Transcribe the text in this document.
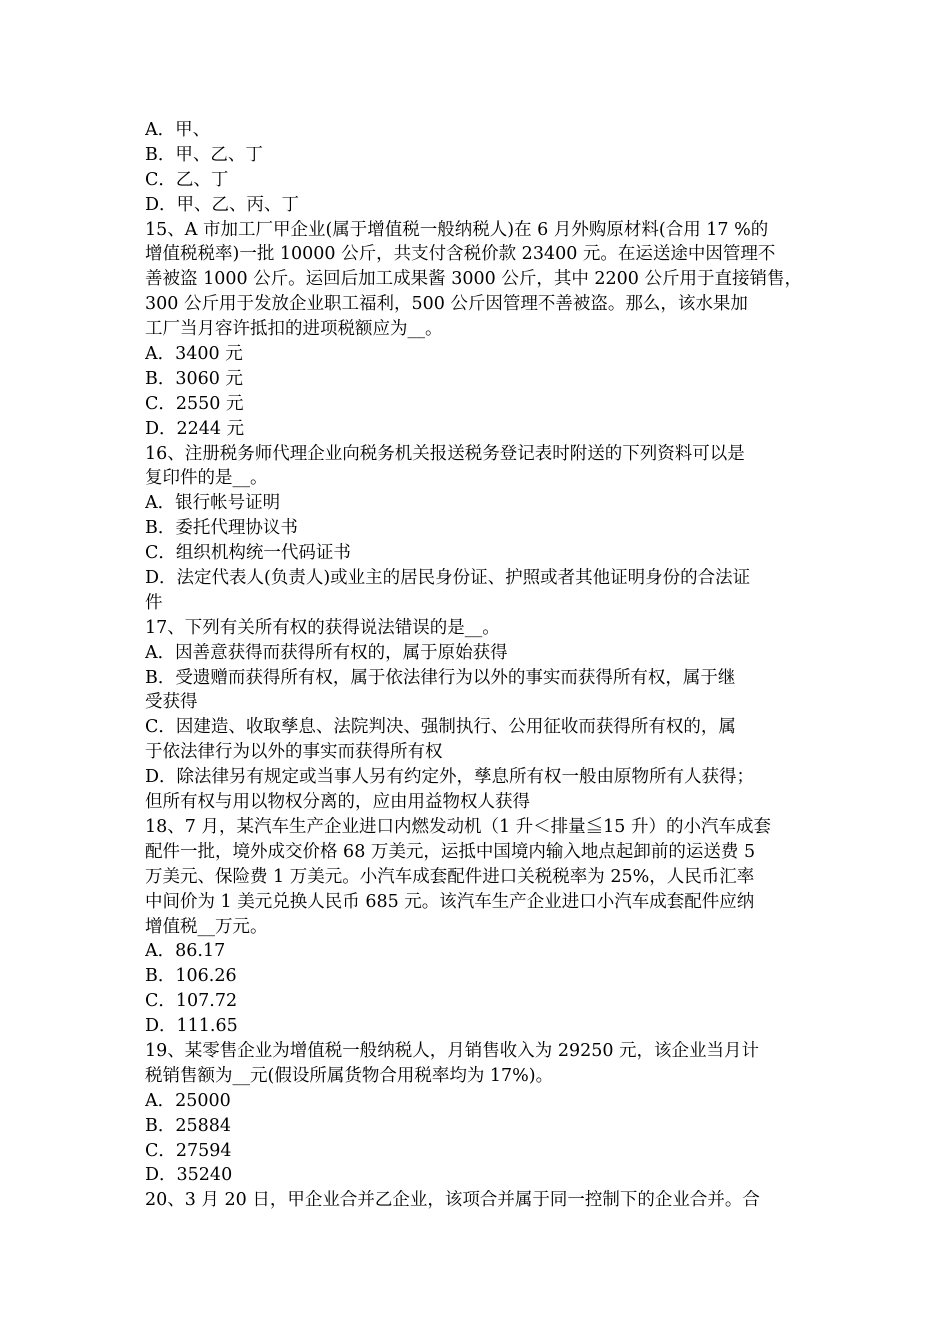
A．甲、
B．甲、乙、丁
C．乙、丁
D．甲、乙、丙、丁
15、A 市加工厂甲企业(属于增值税一般纳税人)在 6 月外购原材料(合用 17 %的
增值税税率)一批 10000 公斤，共支付含税价款 23400 元。在运送途中因管理不
善被盗 1000 公斤。运回后加工成果酱 3000 公斤，其中 2200 公斤用于直接销售，
300 公斤用于发放企业职工福利，500 公斤因管理不善被盗。那么，该水果加
工厂当月容许抵扣的进项税额应为__。
A．3400 元
B．3060 元
C．2550 元
D．2244 元
16、注册税务师代理企业向税务机关报送税务登记表时附送的下列资料可以是
复印件的是__。
A．银行帐号证明
B．委托代理协议书
C．组织机构统一代码证书
D．法定代表人(负责人)或业主的居民身份证、护照或者其他证明身份的合法证
件
17、下列有关所有权的获得说法错误的是__。
A．因善意获得而获得所有权的，属于原始获得
B．受遗赠而获得所有权，属于依法律行为以外的事实而获得所有权，属于继
受获得
C．因建造、收取孳息、法院判决、强制执行、公用征收而获得所有权的，属
于依法律行为以外的事实而获得所有权
D．除法律另有规定或当事人另有约定外，孳息所有权一般由原物所有人获得；
但所有权与用以物权分离的，应由用益物权人获得
18、7 月，某汽车生产企业进口内燃发动机（1 升＜排量≦15 升）的小汽车成套
配件一批，境外成交价格 68 万美元，运抵中国境内输入地点起卸前的运送费 5
万美元、保险费 1 万美元。小汽车成套配件进口关税税率为 25%，人民币汇率
中间价为 1 美元兑换人民币 685 元。该汽车生产企业进口小汽车成套配件应纳
增值税__万元。
A．86.17
B．106.26
C．107.72
D．111.65
19、某零售企业为增值税一般纳税人，月销售收入为 29250 元，该企业当月计
税销售额为__元(假设所属货物合用税率均为 17%)。
A．25000
B．25884
C．27594
D．35240
20、3 月 20 日，甲企业合并乙企业，该项合并属于同一控制下的企业合并。合
